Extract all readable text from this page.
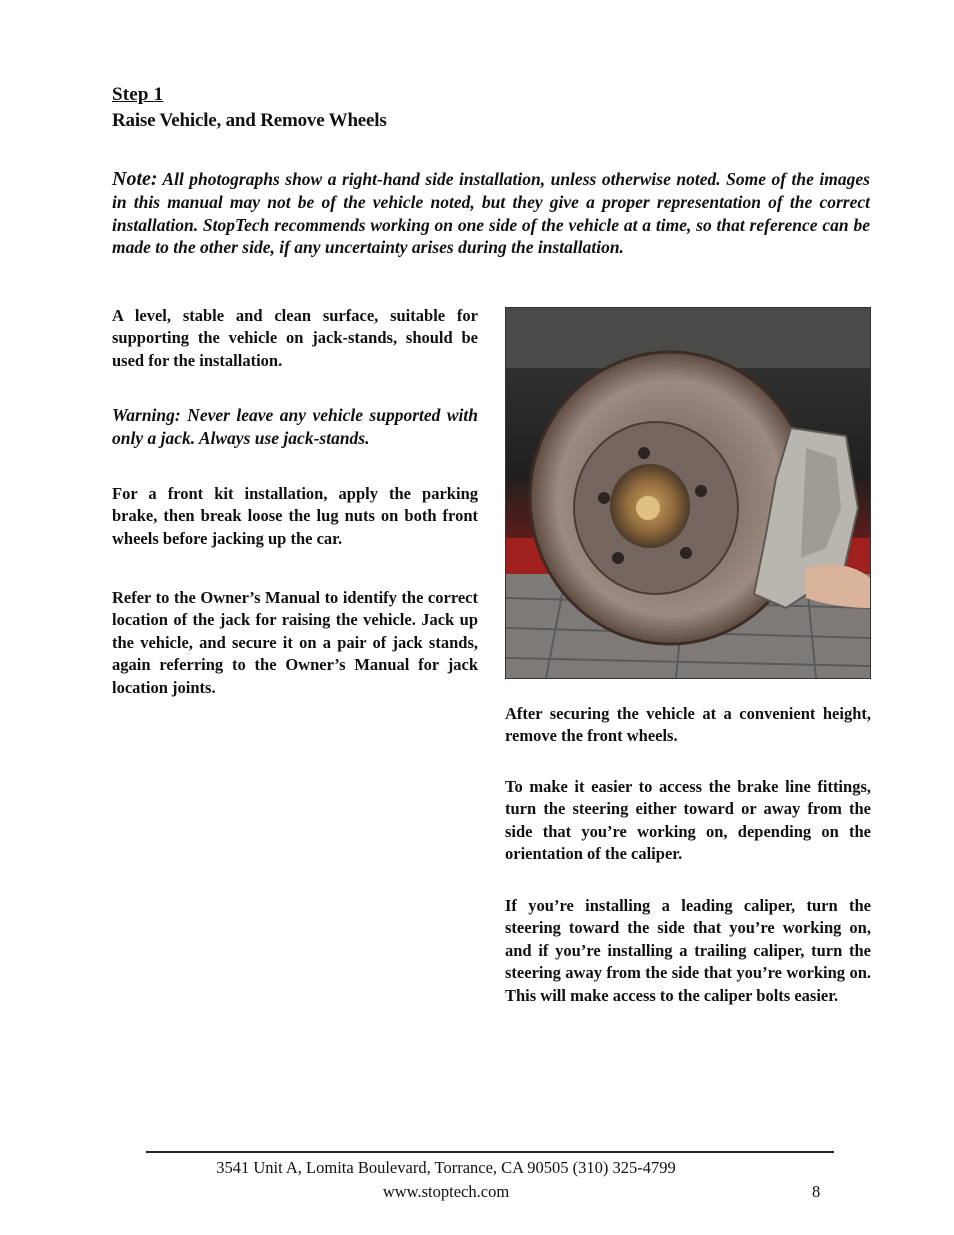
Step 1
Raise Vehicle, and Remove Wheels
Note: All photographs show a right-hand side installation, unless otherwise noted. Some of the images in this manual may not be of the vehicle noted, but they give a proper representation of the correct installation. StopTech recommends working on one side of the vehicle at a time, so that reference can be made to the other side, if any uncertainty arises during the installation.
A level, stable and clean surface, suitable for supporting the vehicle on jack-stands, should be used for the installation.
Warning: Never leave any vehicle supported with only a jack. Always use jack-stands.
For a front kit installation, apply the parking brake, then break loose the lug nuts on both front wheels before jacking up the car.
Refer to the Owner’s Manual to identify the correct location of the jack for raising the vehicle. Jack up the vehicle, and secure it on a pair of jack stands, again referring to the Owner’s Manual for jack location joints.
After securing the vehicle at a convenient height, remove the front wheels.
To make it easier to access the brake line fittings, turn the steering either toward or away from the side that you’re working on, depending on the orientation of the caliper.
If you’re installing a leading caliper, turn the steering toward the side that you’re working on, and if you’re installing a trailing caliper, turn the steering away from the side that you’re working on. This will make access to the caliper bolts easier.
3541 Unit A, Lomita Boulevard, Torrance, CA 90505 (310) 325-4799
www.stoptech.com	8
